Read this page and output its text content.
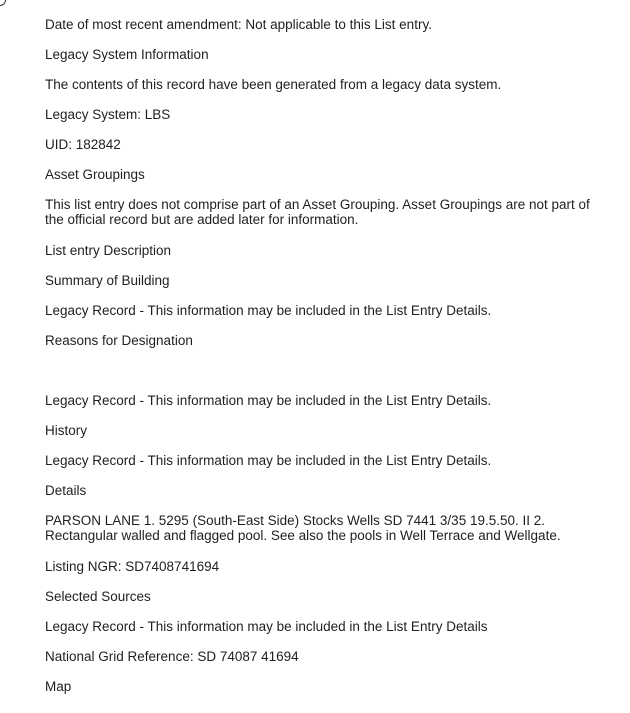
Date of most recent amendment: Not applicable to this List entry.
Legacy System Information
The contents of this record have been generated from a legacy data system.
Legacy System: LBS
UID: 182842
Asset Groupings
This list entry does not comprise part of an Asset Grouping. Asset Groupings are not part of the official record but are added later for information.
List entry Description
Summary of Building
Legacy Record - This information may be included in the List Entry Details.
Reasons for Designation
Legacy Record - This information may be included in the List Entry Details.
History
Legacy Record - This information may be included in the List Entry Details.
Details
PARSON LANE 1. 5295 (South-East Side) Stocks Wells SD 7441 3/35 19.5.50. II 2. Rectangular walled and flagged pool. See also the pools in Well Terrace and Wellgate.
Listing NGR: SD7408741694
Selected Sources
Legacy Record - This information may be included in the List Entry Details
National Grid Reference: SD 74087 41694
Map
